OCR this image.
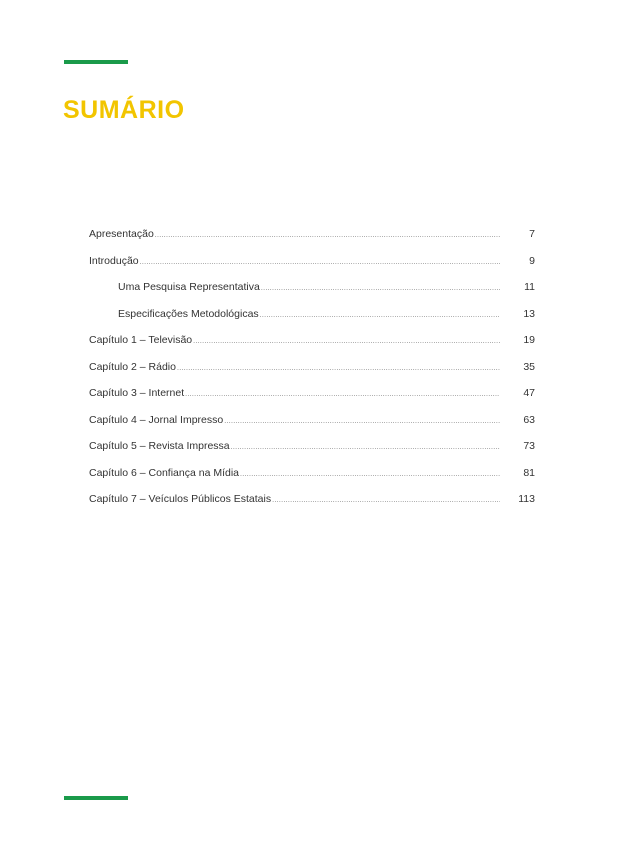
SUMÁRIO
Apresentação .....	7
Introdução .....	9
Uma Pesquisa Representativa .....	11
Especificações Metodológicas .....	13
Capítulo 1 – Televisão .....	19
Capítulo 2 – Rádio .....	35
Capítulo 3 – Internet .....	47
Capítulo 4 – Jornal Impresso .....	63
Capítulo 5 – Revista Impressa .....	73
Capítulo 6 – Confiança na Mídia .....	81
Capítulo 7 – Veículos Públicos Estatais .....	113
